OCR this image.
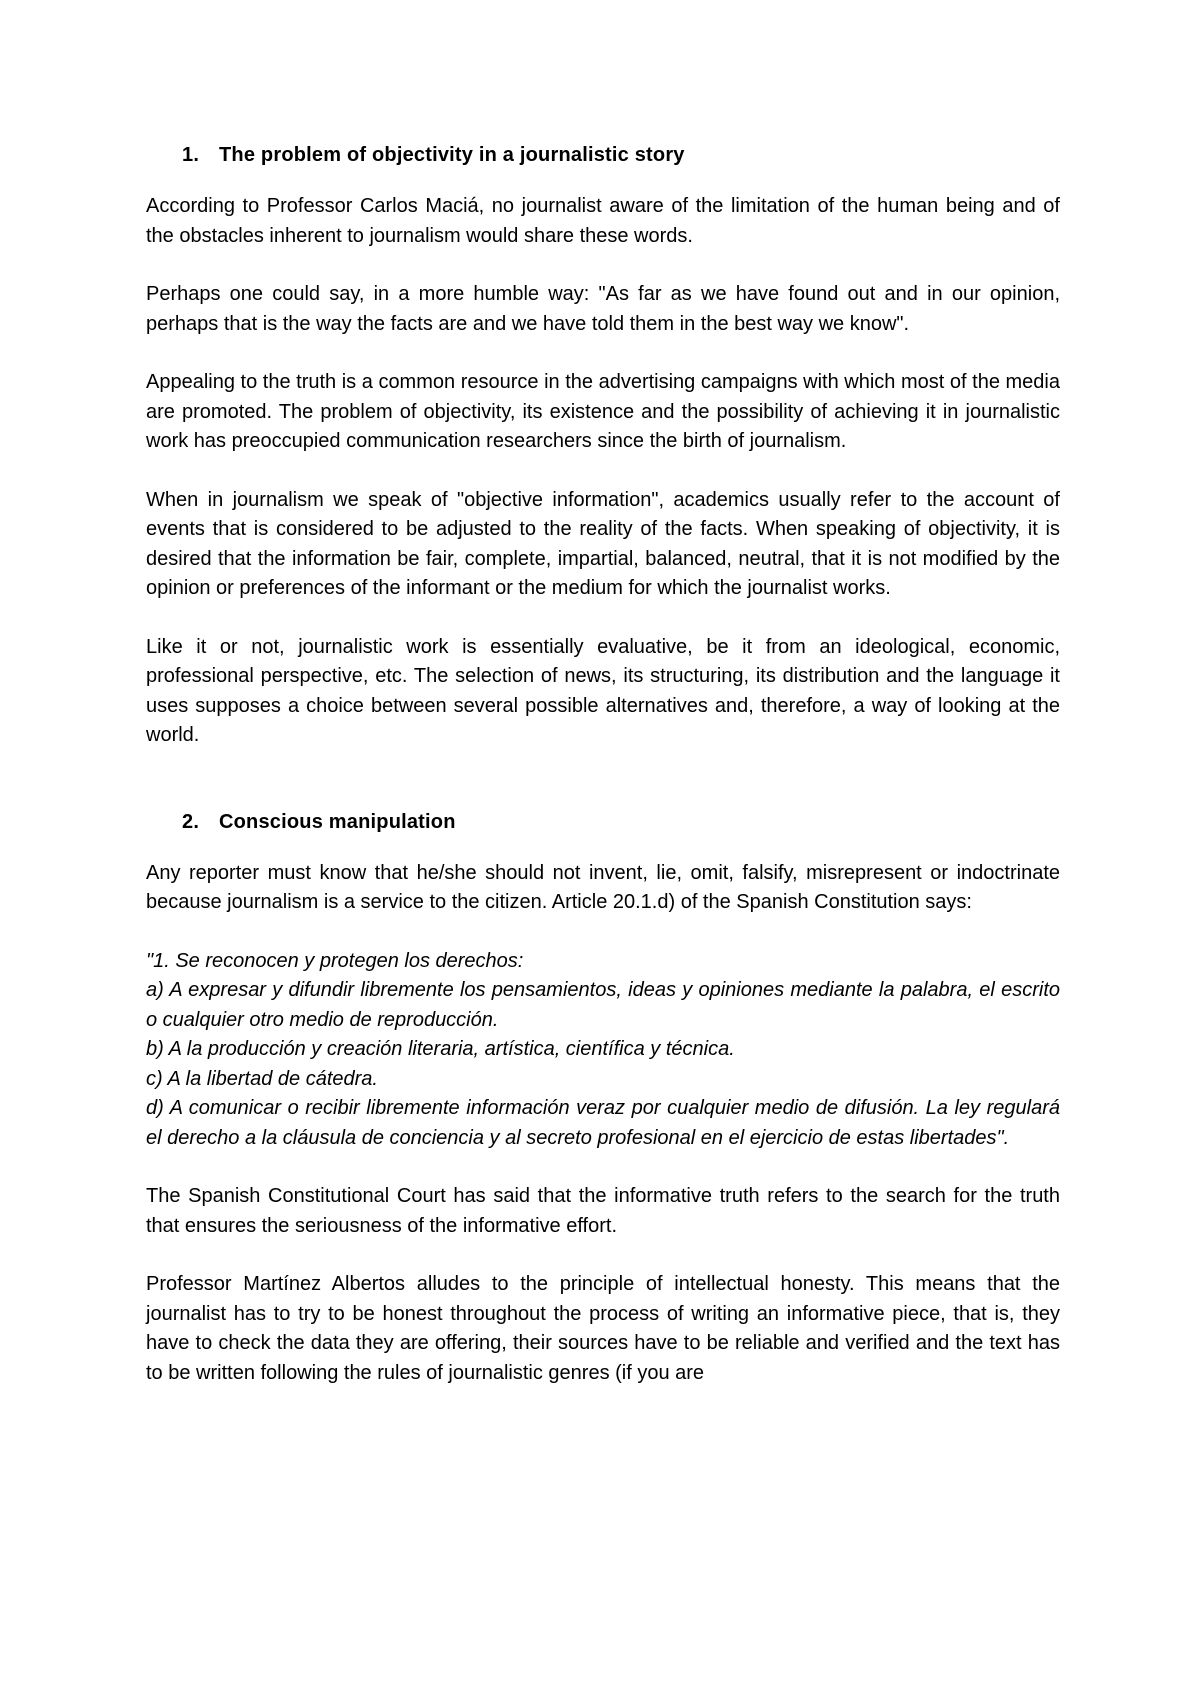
1. The problem of objectivity in a journalistic story

According to Professor Carlos Maciá, no journalist aware of the limitation of the human being and of the obstacles inherent to journalism would share these words.

Perhaps one could say, in a more humble way: "As far as we have found out and in our opinion, perhaps that is the way the facts are and we have told them in the best way we know".

Appealing to the truth is a common resource in the advertising campaigns with which most of the media are promoted. The problem of objectivity, its existence and the possibility of achieving it in journalistic work has preoccupied communication researchers since the birth of journalism.

When in journalism we speak of "objective information", academics usually refer to the account of events that is considered to be adjusted to the reality of the facts. When speaking of objectivity, it is desired that the information be fair, complete, impartial, balanced, neutral, that it is not modified by the opinion or preferences of the informant or the medium for which the journalist works.

Like it or not, journalistic work is essentially evaluative, be it from an ideological, economic, professional perspective, etc. The selection of news, its structuring, its distribution and the language it uses supposes a choice between several possible alternatives and, therefore, a way of looking at the world.

2. Conscious manipulation

Any reporter must know that he/she should not invent, lie, omit, falsify, misrepresent or indoctrinate because journalism is a service to the citizen. Article 20.1.d) of the Spanish Constitution says:

"1. Se reconocen y protegen los derechos:
a) A expresar y difundir libremente los pensamientos, ideas y opiniones mediante la palabra, el escrito o cualquier otro medio de reproducción.
b) A la producción y creación literaria, artística, científica y técnica.
c) A la libertad de cátedra.
d) A comunicar o recibir libremente información veraz por cualquier medio de difusión. La ley regulará el derecho a la cláusula de conciencia y al secreto profesional en el ejercicio de estas libertades".

The Spanish Constitutional Court has said that the informative truth refers to the search for the truth that ensures the seriousness of the informative effort.

Professor Martínez Albertos alludes to the principle of intellectual honesty. This means that the journalist has to try to be honest throughout the process of writing an informative piece, that is, they have to check the data they are offering, their sources have to be reliable and verified and the text has to be written following the rules of journalistic genres (if you are
